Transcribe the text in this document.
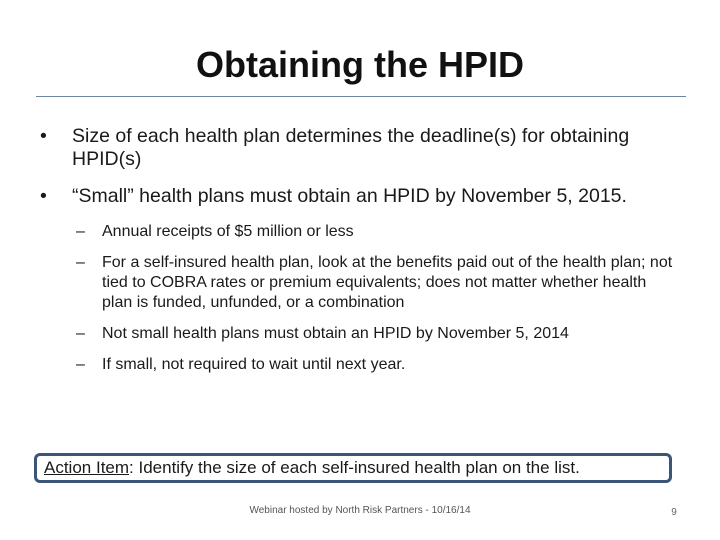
Obtaining the HPID
• Size of each health plan determines the deadline(s) for obtaining HPID(s)
• “Small” health plans must obtain an HPID by November 5, 2015.
– Annual receipts of $5 million or less
– For a self-insured health plan, look at the benefits paid out of the health plan; not tied to COBRA rates or premium equivalents; does not matter whether health plan is funded, unfunded, or a combination
– Not small health plans must obtain an HPID by November 5, 2014
– If small, not required to wait until next year.
Action Item: Identify the size of each self-insured health plan on the list.
Webinar hosted by North Risk Partners - 10/16/14	9
